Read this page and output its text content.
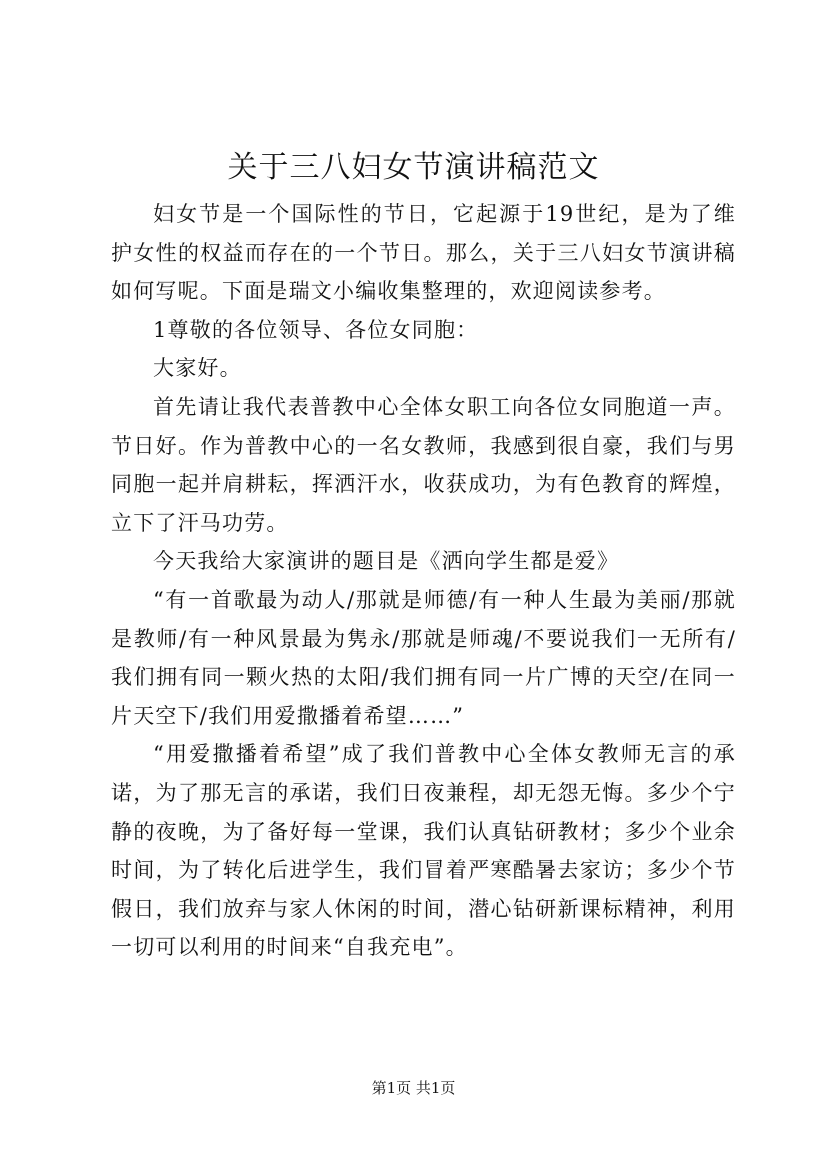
关于三八妇女节演讲稿范文

妇女节是一个国际性的节日，它起源于19世纪，是为了维护女性的权益而存在的一个节日。那么，关于三八妇女节演讲稿如何写呢。下面是瑞文小编收集整理的，欢迎阅读参考。

1尊敬的各位领导、各位女同胞：

大家好。

首先请让我代表普教中心全体女职工向各位女同胞道一声。节日好。作为普教中心的一名女教师，我感到很自豪，我们与男同胞一起并肩耕耘，挥洒汗水，收获成功，为有色教育的辉煌，立下了汗马功劳。

今天我给大家演讲的题目是《洒向学生都是爱》

“有一首歌最为动人/那就是师德/有一种人生最为美丽/那就是教师/有一种风景最为隽永/那就是师魂/不要说我们一无所有/我们拥有同一颗火热的太阳/我们拥有同一片广博的天空/在同一片天空下/我们用爱撒播着希望……”

“用爱撒播着希望”成了我们普教中心全体女教师无言的承诺，为了那无言的承诺，我们日夜兼程，却无怨无悔。多少个宁静的夜晚，为了备好每一堂课，我们认真钻研教材；多少个业余时间，为了转化后进学生，我们冒着严寒酷暑去家访；多少个节假日，我们放弃与家人休闲的时间，潜心钻研新课标精神，利用一切可以利用的时间来“自我充电”。

第1页 共1页
